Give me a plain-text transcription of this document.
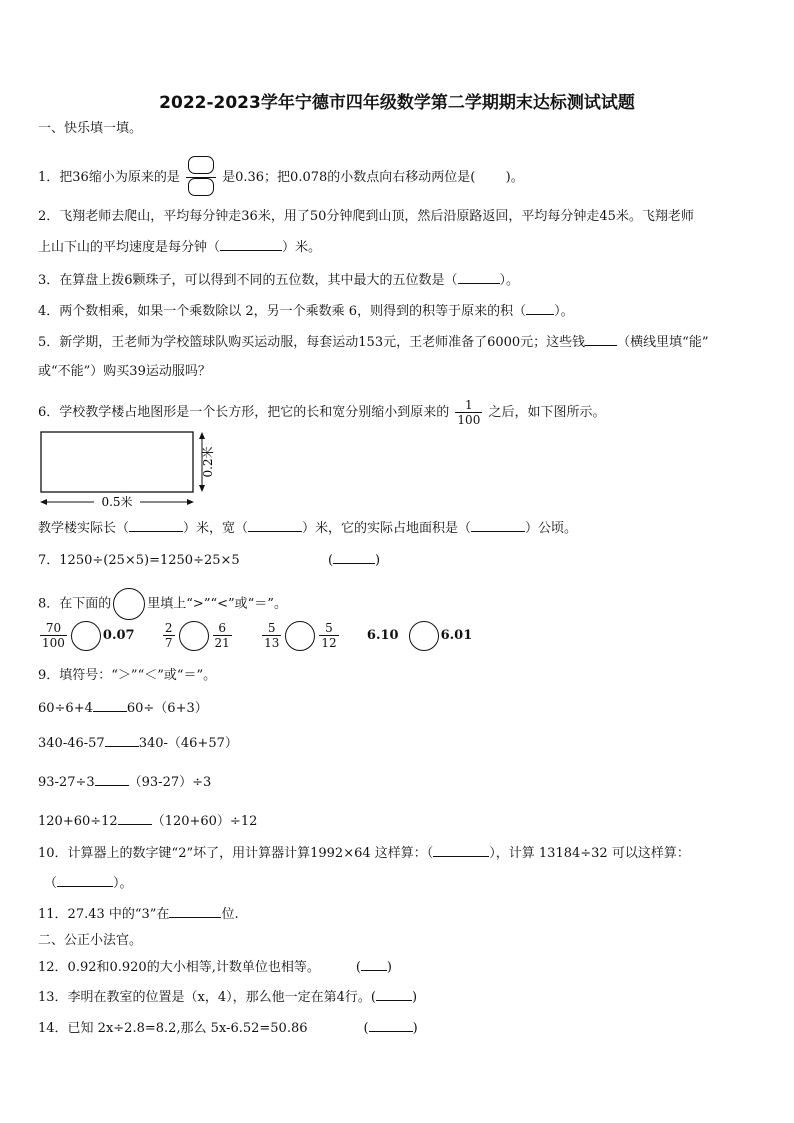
2022-2023学年宁德市四年级数学第二学期期末达标测试试题
一、快乐填一填。
1．把36缩小为原来的是	是0.36；把0.078的小数点向右移动两位是( )。
2．飞翔老师去爬山，平均每分钟走36米，用了50分钟爬到山顶，然后沿原路返回，平均每分钟走45米。飞翔老师
上山下山的平均速度是每分钟（	）米。
3．在算盘上拨6颗珠子，可以得到不同的五位数，其中最大的五位数是（	）。
4．两个数相乘，如果一个乘数除以 2，另一个乘数乘 6，则得到的积等于原来的积（ ）。
5．新学期，王老师为学校篮球队购买运动服，每套运动153元，王老师准备了6000元；这些钱 （横线里填“能”
或“不能”）购买39运动服吗？
6．学校教学楼占地图形是一个长方形，把它的长和宽分别缩小到原来的 $\frac{1}{100}$ 之后，如下图所示。
0.2米
0.5米
教学楼实际长（	）米，宽（	）米，它的实际占地面积是（	）公顷。
7．1250÷(25×5)=1250÷25×5	(	)
8．在下面的	里填上“>”“<”或“＝”。
$\frac{70}{100}$	$0.07 \frac{2}{7}$	$\frac{6}{21}$
	$\frac{5}{13}$	$\frac{5}{12} 6.10$	6.01
9．填符号：“＞”“＜”或“＝”。
60÷6+4	60÷（6+3）
340-46-57	340-（46+57）
93-27÷3	（93-27）÷3
120+60÷12	（120+60）÷12
10．计算器上的数字键“2”坏了，用计算器计算1992×64 这样算：（	），计算 13184÷32 可以这样算：
（	）。
11．27.43 中的“3”在	位.
二、公正小法官。
12．0.92和0.920的大小相等,计数单位也相等。	( )
13．李明在教室的位置是（x，4），那么他一定在第4行。(	)
14．已知 2x÷2.8=8.2,那么 5x-6.52=50.86	(	)
